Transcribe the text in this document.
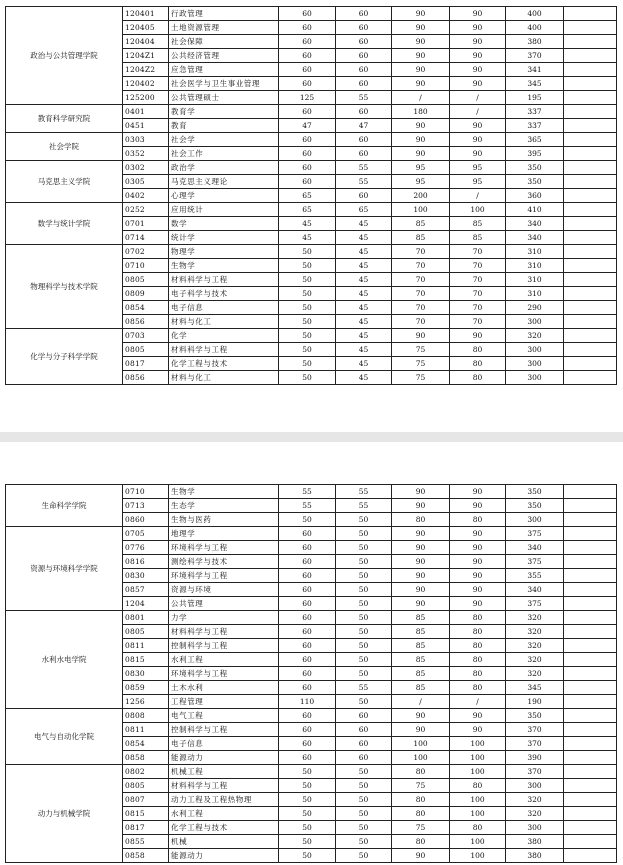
政治与公共管理学院	120401	行政管理	60	60	90	90	400	
	120405	土地资源管理	60	60	90	90	400	
	120404	社会保障	60	60	90	90	380	
	1204Z1	公共经济管理	60	60	90	90	370	
	1204Z2	应急管理	60	60	90	90	341	
	120402	社会医学与卫生事业管理	60	60	90	90	345	
	125200	公共管理硕士	125	55	/	/	195	
教育科学研究院	0401	教育学	60	60	180	/	337	
	0451	教育	47	47	90	90	337	
社会学院	0303	社会学	60	60	90	90	365	
	0352	社会工作	60	60	90	90	395	
马克思主义学院	0302	政治学	60	55	95	95	350	
	0305	马克思主义理论	60	55	95	95	350	
	0402	心理学	65	60	200	/	360	
数学与统计学院	0252	应用统计	65	65	100	100	410	
	0701	数学	45	45	85	85	340	
	0714	统计学	45	45	85	85	340	
物理科学与技术学院	0702	物理学	50	45	70	70	310	
	0710	生物学	50	45	70	70	310	
	0805	材料科学与工程	50	45	70	70	310	
	0809	电子科学与技术	50	45	70	70	310	
	0854	电子信息	50	45	70	70	290	
	0856	材料与化工	50	45	70	70	300	
化学与分子科学学院	0703	化学	50	45	90	90	320	
	0805	材料科学与工程	50	45	75	80	300	
	0817	化学工程与技术	50	45	75	80	300	
	0856	材料与化工	50	45	75	80	300	
生命科学学院	0710	生物学	55	55	90	90	350	
	0713	生态学	55	55	90	90	350	
	0860	生物与医药	50	50	80	80	300	
资源与环境科学学院	0705	地理学	60	50	90	90	375	
	0776	环境科学与工程	60	50	90	90	340	
	0816	测绘科学与技术	60	50	90	90	375	
	0830	环境科学与工程	60	50	90	90	355	
	0857	资源与环境	60	50	90	90	340	
	1204	公共管理	60	50	90	90	375	
水利水电学院	0801	力学	60	50	85	80	320	
	0805	材料科学与工程	60	50	85	80	320	
	0811	控制科学与工程	60	50	85	80	320	
	0815	水利工程	60	50	85	80	320	
	0830	环境科学与工程	60	50	85	80	320	
	0859	土木水利	60	55	85	80	345	
	1256	工程管理	110	50	/	/	190	
电气与自动化学院	0808	电气工程	60	60	90	90	350	
	0811	控制科学与工程	60	60	90	90	370	
	0854	电子信息	60	60	100	100	370	
	0858	能源动力	60	60	100	100	390	
动力与机械学院	0802	机械工程	50	50	80	100	370	
	0805	材料科学与工程	50	50	75	80	300	
	0807	动力工程及工程热物理	50	50	80	100	320	
	0815	水利工程	50	50	80	100	320	
	0817	化学工程与技术	50	50	75	80	300	
	0855	机械	50	50	80	100	380	
	0858	能源动力	50	50	90	100	380	
